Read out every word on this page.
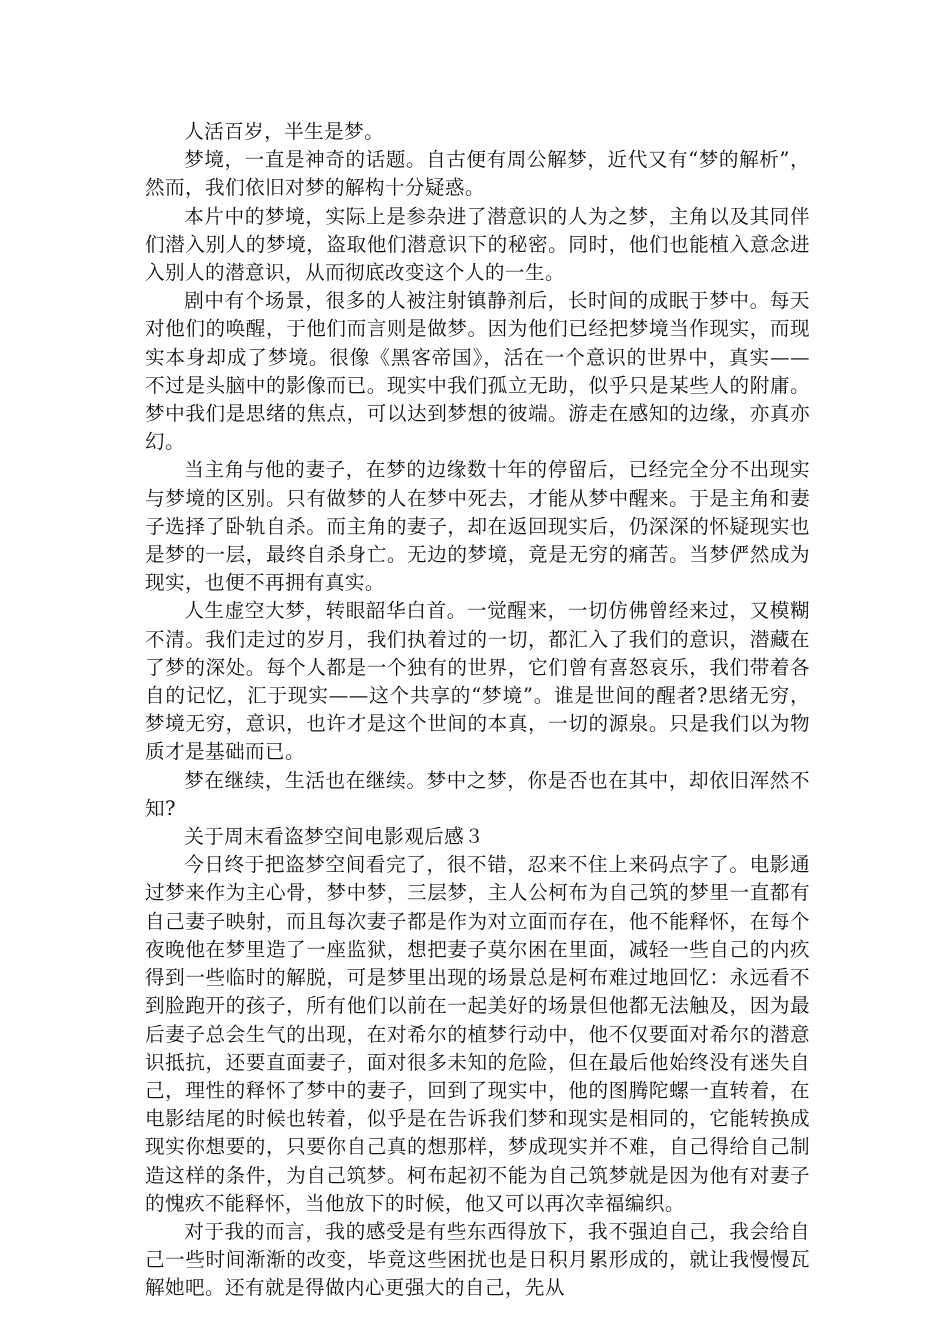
人活百岁，半生是梦。

梦境，一直是神奇的话题。自古便有周公解梦，近代又有“梦的解析”，然而，我们依旧对梦的解构十分疑惑。

本片中的梦境，实际上是参杂进了潜意识的人为之梦，主角以及其同伴们潜入别人的梦境，盗取他们潜意识下的秘密。同时，他们也能植入意念进入别人的潜意识，从而彻底改变这个人的一生。

剧中有个场景，很多的人被注射镇静剂后，长时间的成眠于梦中。每天对他们的唤醒，于他们而言则是做梦。因为他们已经把梦境当作现实，而现实本身却成了梦境。很像《黑客帝国》，活在一个意识的世界中，真实——不过是头脑中的影像而已。现实中我们孤立无助，似乎只是某些人的附庸。梦中我们是思绪的焦点，可以达到梦想的彼端。游走在感知的边缘，亦真亦幻。

当主角与他的妻子，在梦的边缘数十年的停留后，已经完全分不出现实与梦境的区别。只有做梦的人在梦中死去，才能从梦中醒来。于是主角和妻子选择了卧轨自杀。而主角的妻子，却在返回现实后，仍深深的怀疑现实也是梦的一层，最终自杀身亡。无边的梦境，竟是无穷的痛苦。当梦俨然成为现实，也便不再拥有真实。

人生虚空大梦，转眼韶华白首。一觉醒来，一切仿佛曾经来过，又模糊不清。我们走过的岁月，我们执着过的一切，都汇入了我们的意识，潜藏在了梦的深处。每个人都是一个独有的世界，它们曾有喜怒哀乐，我们带着各自的记忆，汇于现实——这个共享的“梦境”。谁是世间的醒者?思绪无穷，梦境无穷，意识，也许才是这个世间的本真，一切的源泉。只是我们以为物质才是基础而已。

梦在继续，生活也在继续。梦中之梦，你是否也在其中，却依旧浑然不知?

关于周末看盗梦空间电影观后感３

今日终于把盗梦空间看完了，很不错，忍来不住上来码点字了。电影通过梦来作为主心骨，梦中梦，三层梦，主人公柯布为自己筑的梦里一直都有自己妻子映射，而且每次妻子都是作为对立面而存在，他不能释怀，在每个夜晚他在梦里造了一座监狱，想把妻子莫尔困在里面，减轻一些自己的内疚得到一些临时的解脱，可是梦里出现的场景总是柯布难过地回忆：永远看不到脸跑开的孩子，所有他们以前在一起美好的场景但他都无法触及，因为最后妻子总会生气的出现，在对希尔的植梦行动中，他不仅要面对希尔的潜意识抵抗，还要直面妻子，面对很多未知的危险，但在最后他始终没有迷失自己，理性的释怀了梦中的妻子，回到了现实中，他的图腾陀螺一直转着，在电影结尾的时候也转着，似乎是在告诉我们梦和现实是相同的，它能转换成现实你想要的，只要你自己真的想那样，梦成现实并不难，自己得给自己制造这样的条件，为自己筑梦。柯布起初不能为自己筑梦就是因为他有对妻子的愧疚不能释怀，当他放下的时候，他又可以再次幸福编织。

对于我的而言，我的感受是有些东西得放下，我不强迫自己，我会给自己一些时间渐渐的改变，毕竟这些困扰也是日积月累形成的，就让我慢慢瓦解她吧。还有就是得做内心更强大的自己，先从
